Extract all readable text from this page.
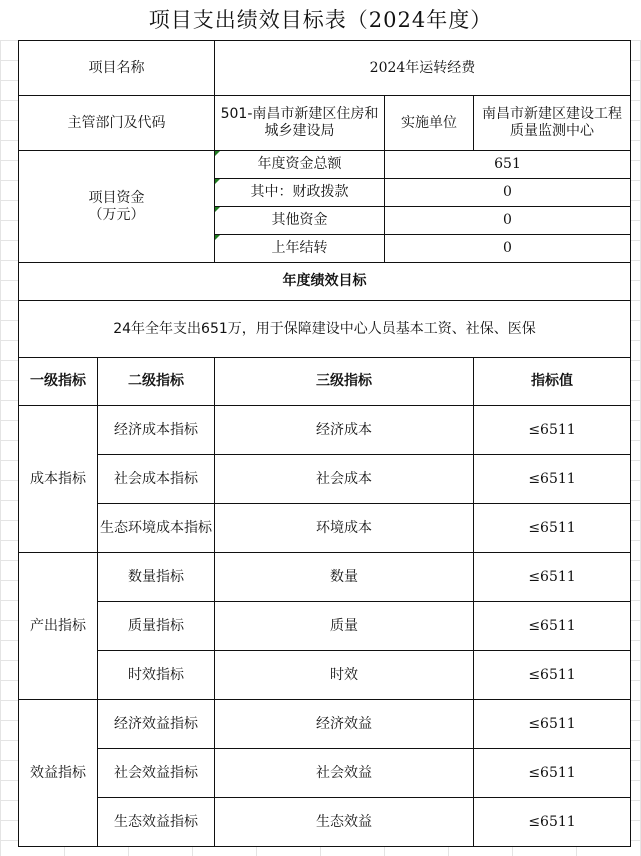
项目支出绩效目标表（2024年度）
项目名称		2024年运转经费		
主管部门及代码		501-南昌市新建区住房和城乡建设局	实施单位	南昌市新建区建设工程质量监测中心
项目资金
（万元）		年度资金总额	651	
		其中：财政拨款	0	
		其他资金	0	
		上年结转	0	
年度绩效目标				
24年全年支出651万，用于保障建设中心人员基本工资、社保、医保				
一级指标	二级指标	三级指标		指标值
成本指标	经济成本指标	经济成本		≤6511
	社会成本指标	社会成本		≤6511
	生态环境成本指标	环境成本		≤6511
产出指标	数量指标	数量		≤6511
	质量指标	质量		≤6511
	时效指标	时效		≤6511
效益指标	经济效益指标	经济效益		≤6511
	社会效益指标	社会效益		≤6511
	生态效益指标	生态效益		≤6511
